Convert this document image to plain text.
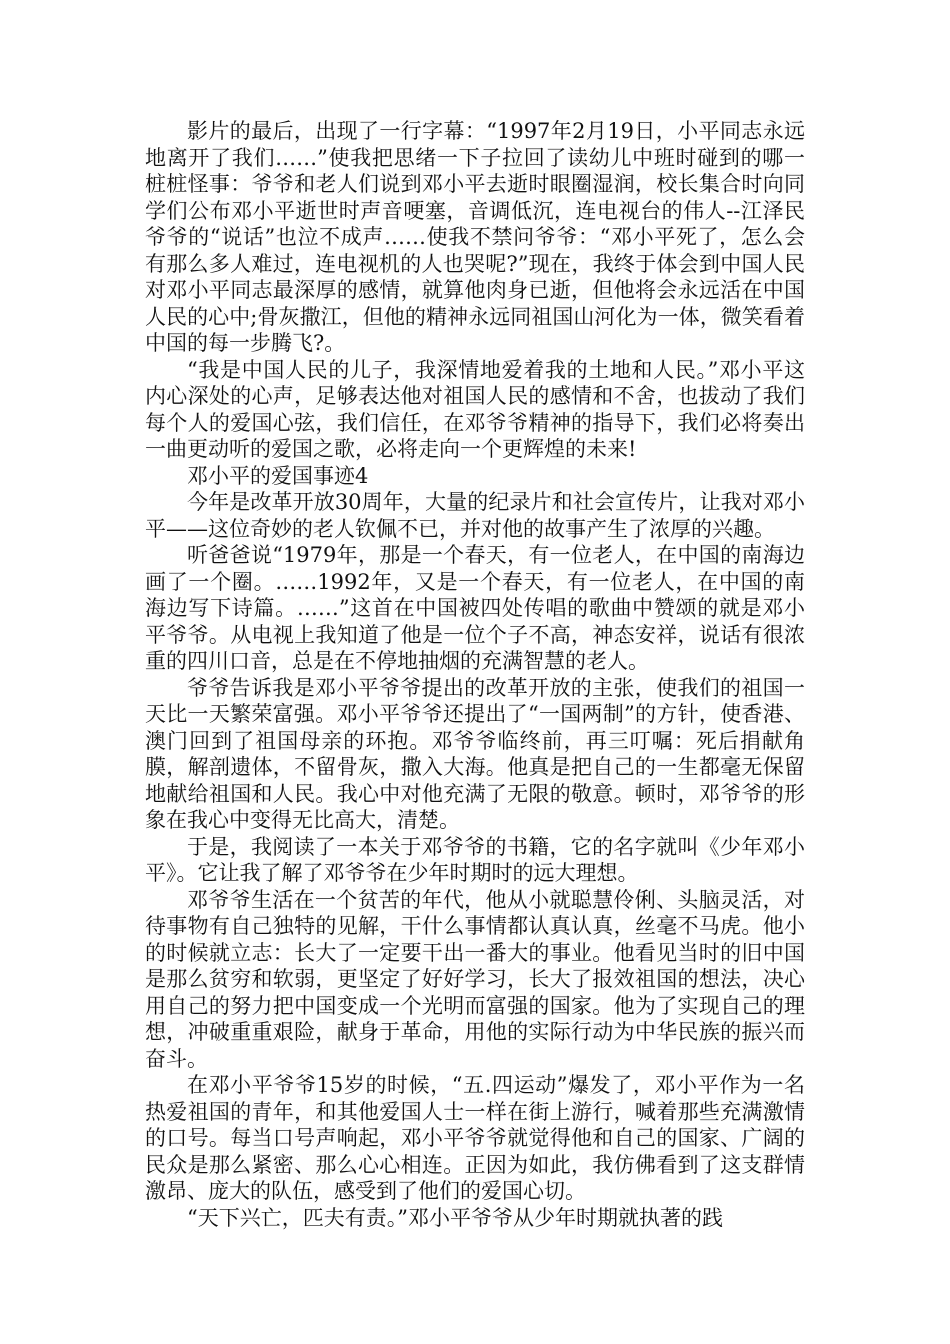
影片的最后，出现了一行字幕：“1997年2月19日，小平同志永远地离开了我们……”使我把思绪一下子拉回了读幼儿中班时碰到的哪一桩桩怪事：爷爷和老人们说到邓小平去逝时眼圈湿润，校长集合时向同学们公布邓小平逝世时声音哽塞，音调低沉，连电视台的伟人--江泽民爷爷的“说话”也泣不成声……使我不禁问爷爷：“邓小平死了，怎么会有那么多人难过，连电视机的人也哭呢?”现在，我终于体会到中国人民对邓小平同志最深厚的感情，就算他肉身已逝，但他将会永远活在中国人民的心中;骨灰撒江，但他的精神永远同祖国山河化为一体，微笑看着中国的每一步腾飞?。

“我是中国人民的儿子，我深情地爱着我的土地和人民。”邓小平这内心深处的心声，足够表达他对祖国人民的感情和不舍，也拔动了我们每个人的爱国心弦，我们信任，在邓爷爷精神的指导下，我们必将奏出一曲更动听的爱国之歌，必将走向一个更辉煌的未来!

邓小平的爱国事迹4

今年是改革开放30周年，大量的纪录片和社会宣传片，让我对邓小平——这位奇妙的老人钦佩不已，并对他的故事产生了浓厚的兴趣。

听爸爸说“1979年，那是一个春天，有一位老人，在中国的南海边画了一个圈。……1992年，又是一个春天，有一位老人，在中国的南海边写下诗篇。……”这首在中国被四处传唱的歌曲中赞颂的就是邓小平爷爷。从电视上我知道了他是一位个子不高，神态安祥，说话有很浓重的四川口音，总是在不停地抽烟的充满智慧的老人。

爷爷告诉我是邓小平爷爷提出的改革开放的主张，使我们的祖国一天比一天繁荣富强。邓小平爷爷还提出了“一国两制”的方针，使香港、澳门回到了祖国母亲的环抱。邓爷爷临终前，再三叮嘱：死后捐献角膜，解剖遗体，不留骨灰，撒入大海。他真是把自己的一生都毫无保留地献给祖国和人民。我心中对他充满了无限的敬意。顿时，邓爷爷的形象在我心中变得无比高大，清楚。

于是，我阅读了一本关于邓爷爷的书籍，它的名字就叫《少年邓小平》。它让我了解了邓爷爷在少年时期时的远大理想。

邓爷爷生活在一个贫苦的年代，他从小就聪慧伶俐、头脑灵活，对待事物有自己独特的见解，干什么事情都认真认真，丝毫不马虎。他小的时候就立志：长大了一定要干出一番大的事业。他看见当时的旧中国是那么贫穷和软弱，更坚定了好好学习，长大了报效祖国的想法，决心用自己的努力把中国变成一个光明而富强的国家。他为了实现自己的理想，冲破重重艰险，献身于革命，用他的实际行动为中华民族的振兴而奋斗。

在邓小平爷爷15岁的时候，“五.四运动”爆发了，邓小平作为一名热爱祖国的青年，和其他爱国人士一样在街上游行，喊着那些充满激情的口号。每当口号声响起，邓小平爷爷就觉得他和自己的国家、广阔的民众是那么紧密、那么心心相连。正因为如此，我仿佛看到了这支群情激昂、庞大的队伍，感受到了他们的爱国心切。

“天下兴亡，匹夫有责。”邓小平爷爷从少年时期就执著的践
